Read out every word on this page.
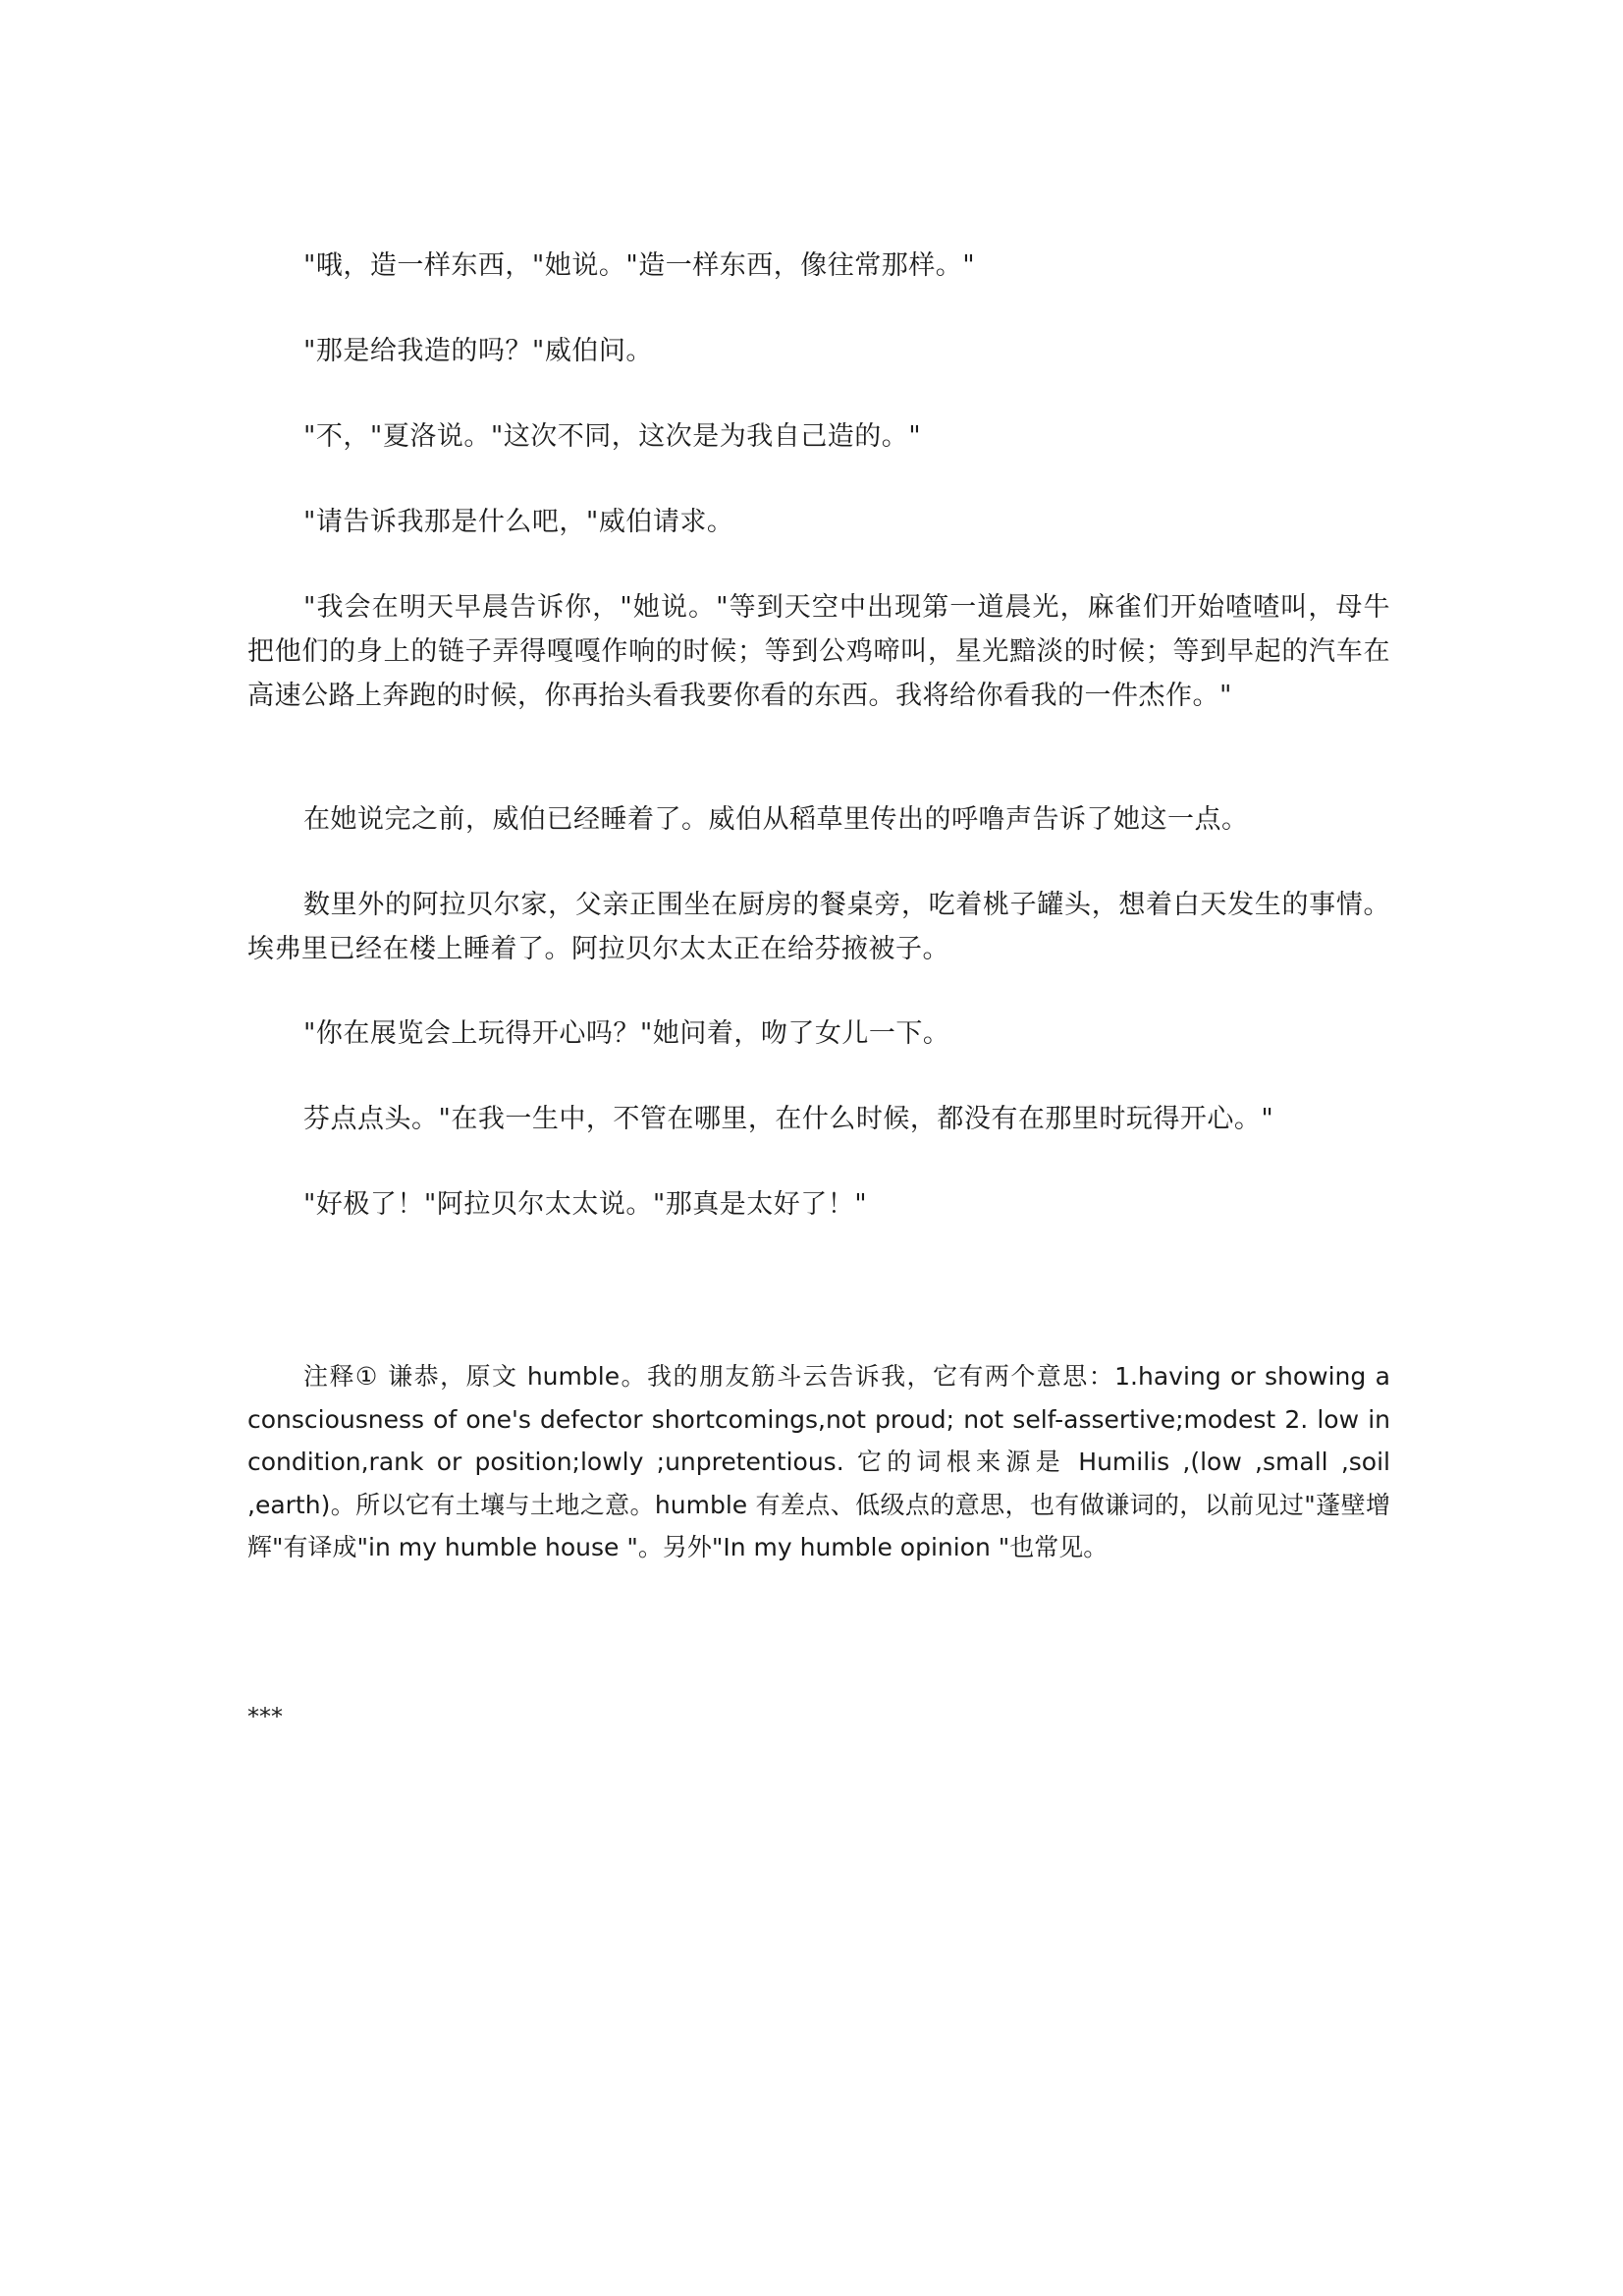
"哦，造一样东西，"她说。"造一样东西，像往常那样。"

"那是给我造的吗？"威伯问。

"不，"夏洛说。"这次不同，这次是为我自己造的。"

"请告诉我那是什么吧，"威伯请求。

"我会在明天早晨告诉你，"她说。"等到天空中出现第一道晨光，麻雀们开始喳喳叫，母牛把他们的身上的链子弄得嘎嘎作响的时候；等到公鸡啼叫，星光黯淡的时候；等到早起的汽车在高速公路上奔跑的时候，你再抬头看我要你看的东西。我将给你看我的一件杰作。"

在她说完之前，威伯已经睡着了。威伯从稻草里传出的呼噜声告诉了她这一点。

数里外的阿拉贝尔家，父亲正围坐在厨房的餐桌旁，吃着桃子罐头，想着白天发生的事情。埃弗里已经在楼上睡着了。阿拉贝尔太太正在给芬掖被子。

"你在展览会上玩得开心吗？"她问着，吻了女儿一下。

芬点点头。"在我一生中，不管在哪里，在什么时候，都没有在那里时玩得开心。"

"好极了！"阿拉贝尔太太说。"那真是太好了！"

注释① 谦恭，原文 humble。我的朋友筋斗云告诉我，它有两个意思：1.having or showing a consciousness of one's defector shortcomings,not proud; not self-assertive;modest 2. low in condition,rank or position;lowly ;unpretentious. 它的词根来源是 Humilis ,(low ,small ,soil ,earth)。所以它有土壤与土地之意。humble 有差点、低级点的意思，也有做谦词的，以前见过"蓬壁增辉"有译成"in my humble house "。另外"In my humble opinion "也常见。

***
